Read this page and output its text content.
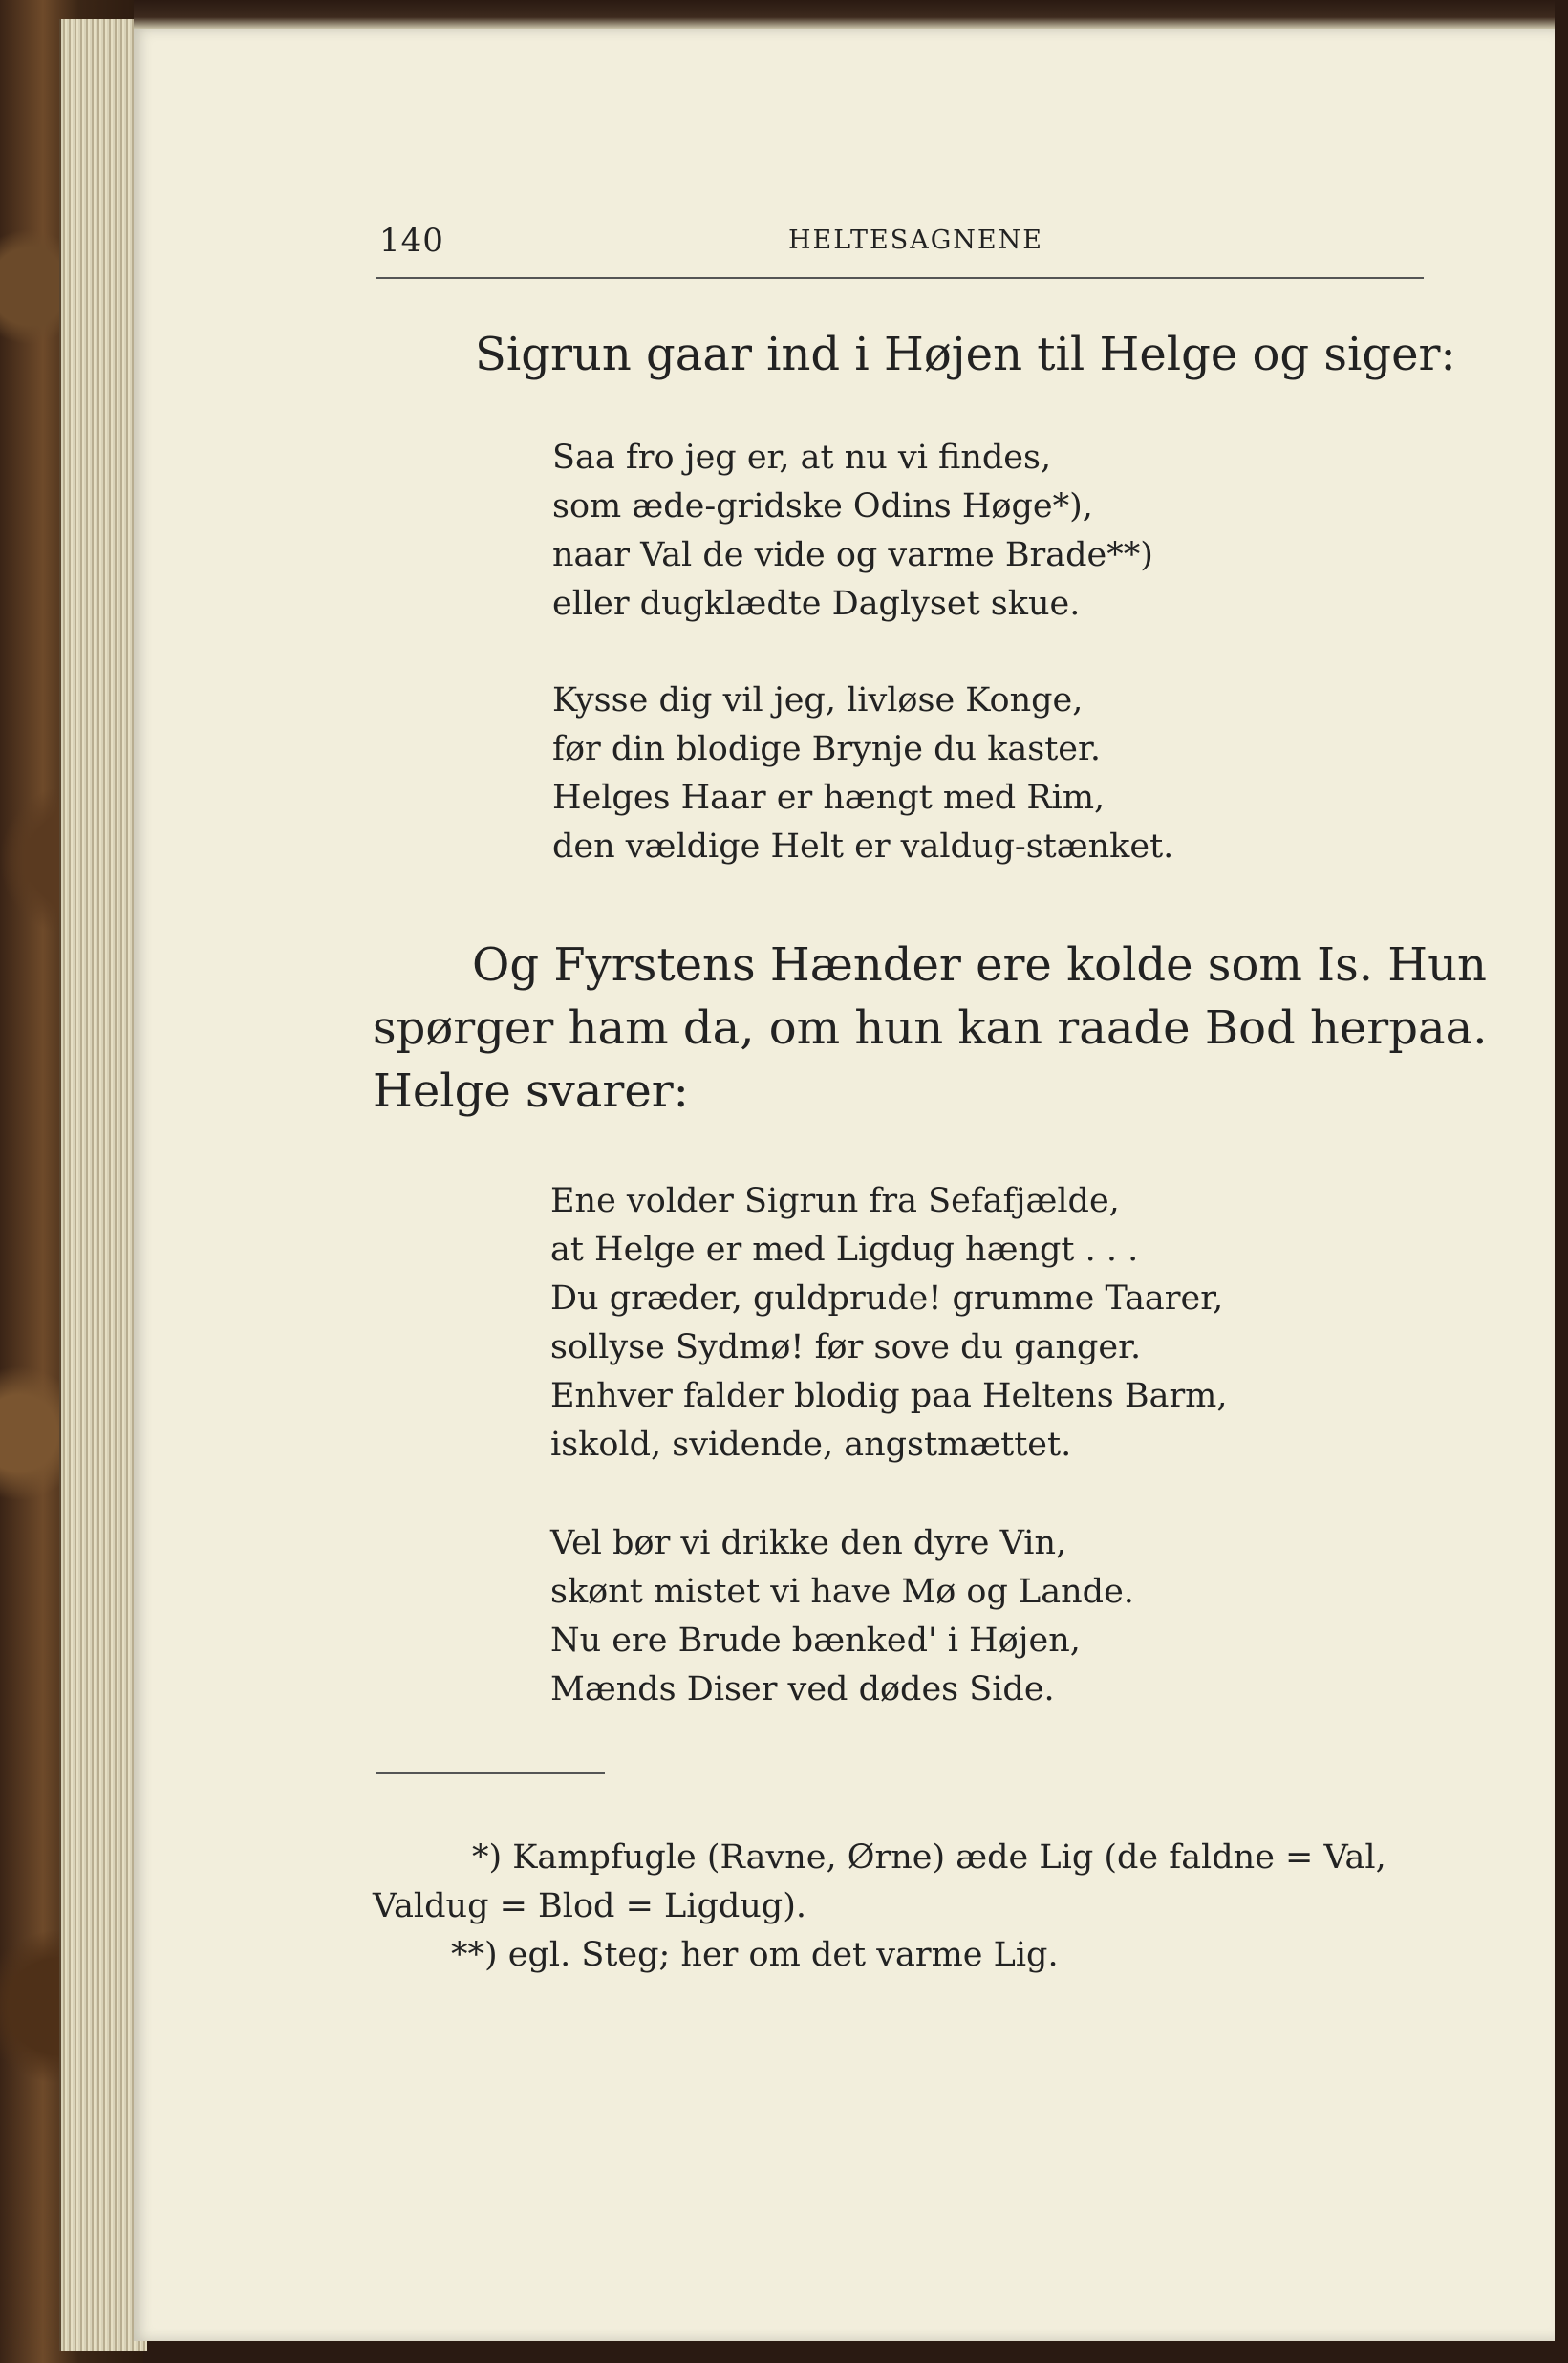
140	HELTESAGNENE
Sigrun gaar ind i Højen til Helge og siger:
Saa fro jeg er, at nu vi findes,
som æde-gridske Odins Høge*),
naar Val de vide og varme Brade**)
eller dugklædte Daglyset skue.
Kysse dig vil jeg, livløse Konge,
før din blodige Brynje du kaster.
Helges Haar er hængt med Rim,
den vældige Helt er valdug-stænket.
Og Fyrstens Hænder ere kolde som Is. Hun
spørger ham da, om hun kan raade Bod herpaa.
Helge svarer:
Ene volder Sigrun fra Sefafjælde,
at Helge er med Ligdug hængt . . .
Du græder, guldprude! grumme Taarer,
sollyse Sydmø! før sove du ganger.
Enhver falder blodig paa Heltens Barm,
iskold, svidende, angstmættet.
Vel bør vi drikke den dyre Vin,
skønt mistet vi have Mø og Lande.
Nu ere Brude bænked' i Højen,
Mænds Diser ved dødes Side.
*) Kampfugle (Ravne, Ørne) æde Lig (de faldne = Val,
Valdug = Blod = Ligdug).
**) egl. Steg; her om det varme Lig.
